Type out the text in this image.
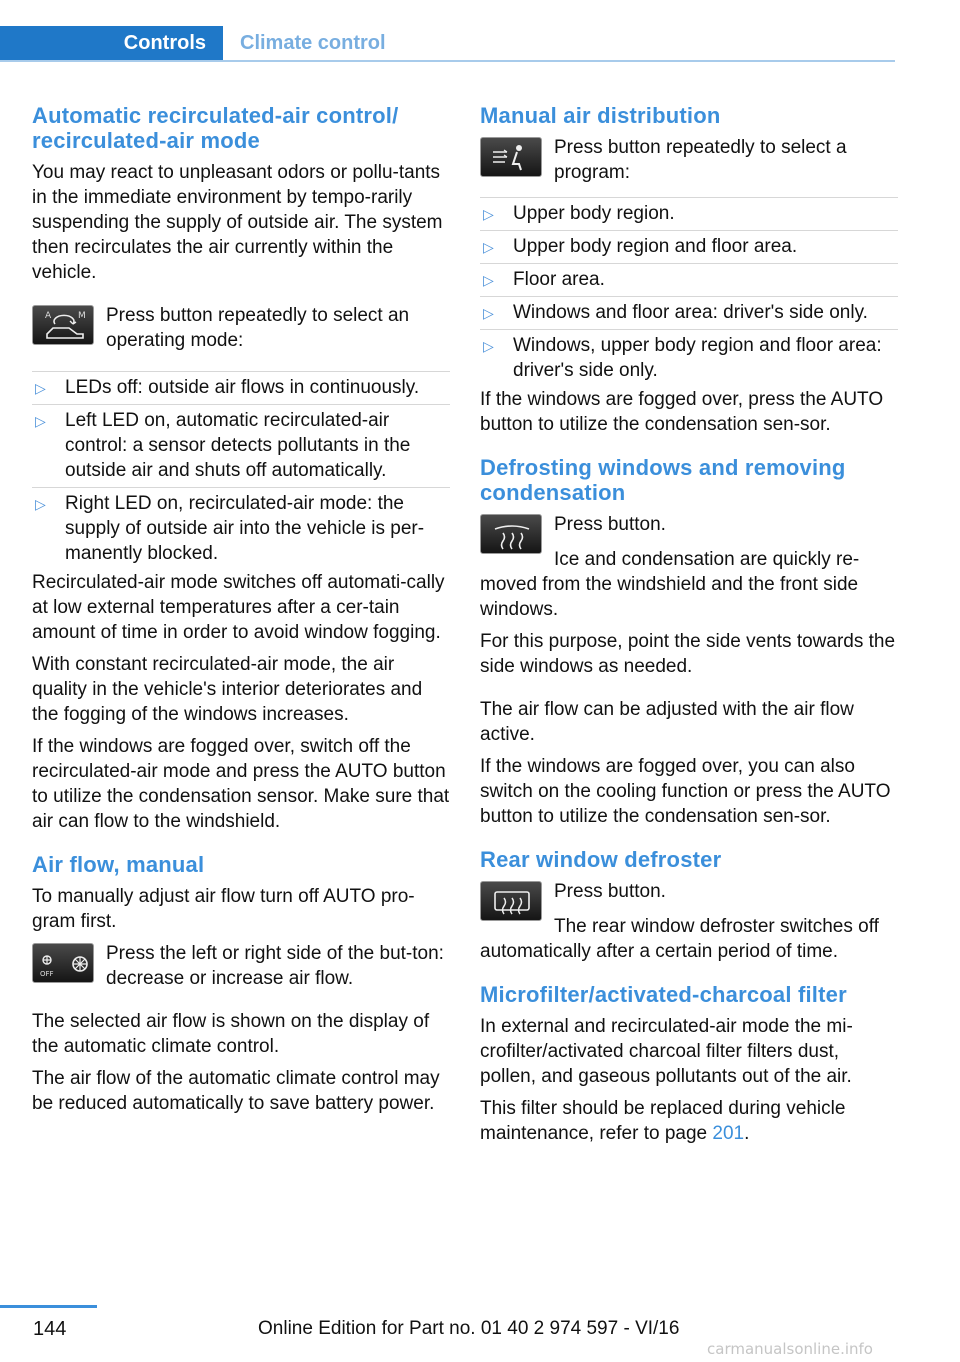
Controls	Climate control
Automatic recirculated-air control/ recirculated-air mode

You may react to unpleasant odors or pollu-tants in the immediate environment by tempo-rarily suspending the supply of outside air. The system then recirculates the air currently within the vehicle.

A	M Press button repeatedly to select an operating mode:

▷ LEDs off: outside air flows in continuously.
▷ Left LED on, automatic recirculated-air control: a sensor detects pollutants in the outside air and shuts off automatically.
▷ Right LED on, recirculated-air mode: the supply of outside air into the vehicle is per-manently blocked.

Recirculated-air mode switches off automati-cally at low external temperatures after a cer-tain amount of time in order to avoid window fogging.

With constant recirculated-air mode, the air quality in the vehicle's interior deteriorates and the fogging of the windows increases.

If the windows are fogged over, switch off the recirculated-air mode and press the AUTO button to utilize the condensation sensor. Make sure that air can flow to the windshield.

Air flow, manual

To manually adjust air flow turn off AUTO pro-gram first.

OFF

Press the left or right side of the but-ton: decrease or increase air flow.

The selected air flow is shown on the display of the automatic climate control.

The air flow of the automatic climate control may be reduced automatically to save battery power.

Manual air distribution

Press button repeatedly to select a program:

▷ Upper body region.
▷ Upper body region and floor area.
▷ Floor area.
▷ Windows and floor area: driver's side only.
▷ Windows, upper body region and floor area: driver's side only.

If the windows are fogged over, press the AUTO button to utilize the condensation sen-sor.

Defrosting windows and removing condensation

Press button.

Ice and condensation are quickly re-moved from the windshield and the front side windows.

For this purpose, point the side vents towards the side windows as needed.

The air flow can be adjusted with the air flow active.

If the windows are fogged over, you can also switch on the cooling function or press the AUTO button to utilize the condensation sen-sor.

Rear window defroster

Press button.

The rear window defroster switches off automatically after a certain period of time.

Microfilter/activated-charcoal filter

In external and recirculated-air mode the mi-crofilter/activated charcoal filter filters dust, pollen, and gaseous pollutants out of the air.

This filter should be replaced during vehicle maintenance, refer to page 201.

144	Online Edition for Part no. 01 40 2 974 597 - VI/16
carmanualsonline.info
